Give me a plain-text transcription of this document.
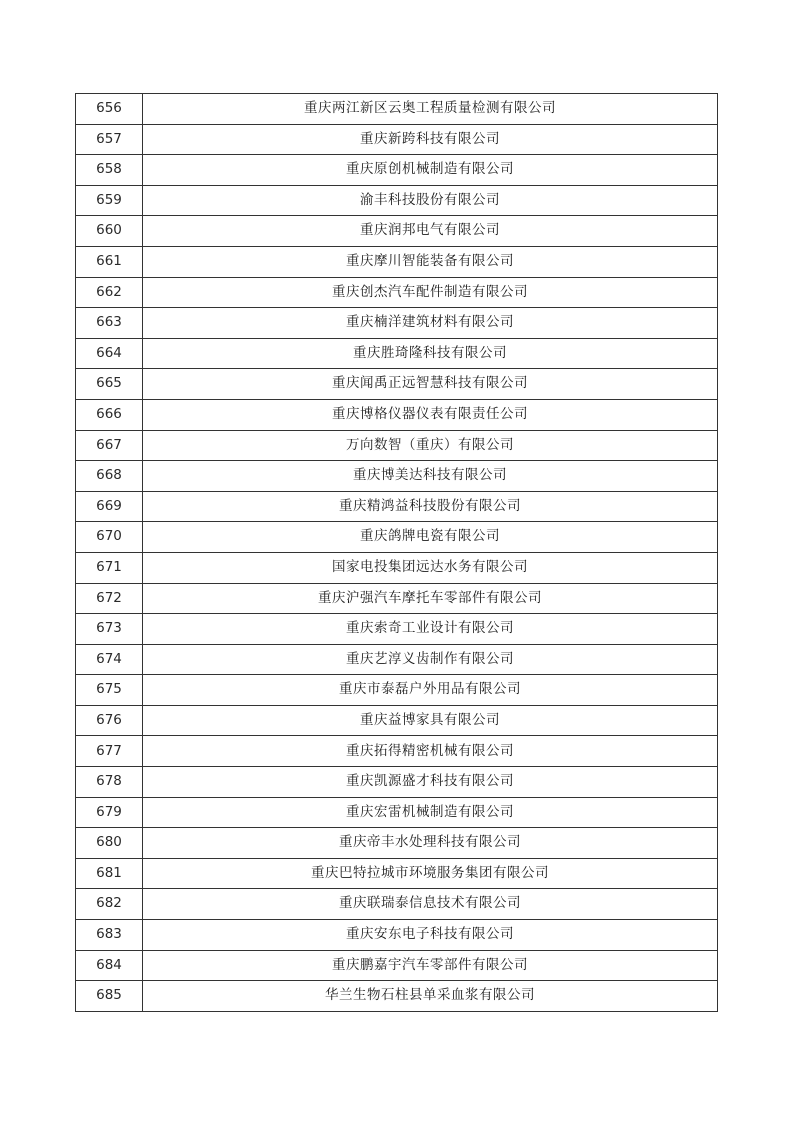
656	重庆两江新区云奥工程质量检测有限公司
657	重庆新跨科技有限公司
658	重庆原创机械制造有限公司
659	渝丰科技股份有限公司
660	重庆润邦电气有限公司
661	重庆摩川智能装备有限公司
662	重庆创杰汽车配件制造有限公司
663	重庆楠洋建筑材料有限公司
664	重庆胜琦隆科技有限公司
665	重庆闻禹正远智慧科技有限公司
666	重庆博格仪器仪表有限责任公司
667	万向数智（重庆）有限公司
668	重庆博美达科技有限公司
669	重庆精鸿益科技股份有限公司
670	重庆鸽牌电瓷有限公司
671	国家电投集团远达水务有限公司
672	重庆沪强汽车摩托车零部件有限公司
673	重庆索奇工业设计有限公司
674	重庆艺淳义齿制作有限公司
675	重庆市泰磊户外用品有限公司
676	重庆益博家具有限公司
677	重庆拓得精密机械有限公司
678	重庆凯源盛才科技有限公司
679	重庆宏雷机械制造有限公司
680	重庆帝丰水处理科技有限公司
681	重庆巴特拉城市环境服务集团有限公司
682	重庆联瑞泰信息技术有限公司
683	重庆安东电子科技有限公司
684	重庆鹏嘉宇汽车零部件有限公司
685	华兰生物石柱县单采血浆有限公司
